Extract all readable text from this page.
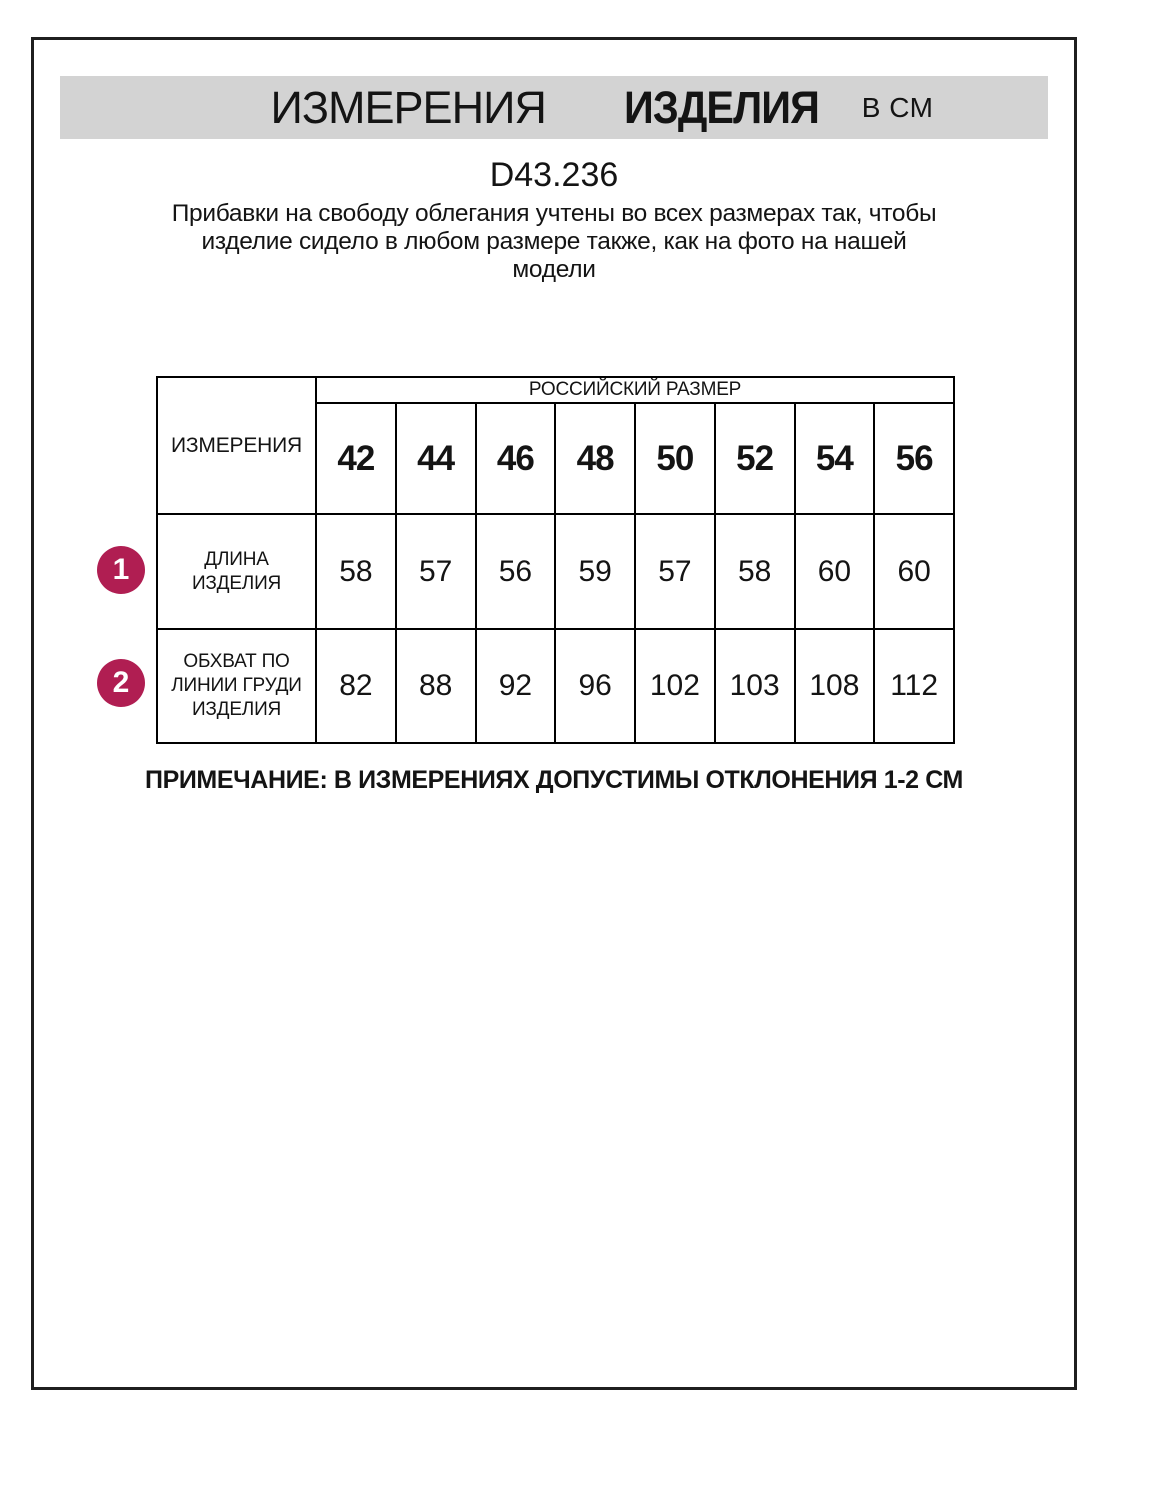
ИЗМЕРЕНИЯ ИЗДЕЛИЯ В СМ
D43.236
Прибавки на свободу облегания учтены во всех размерах так, чтобы
изделие сидело в любом размере также, как на фото на нашей
модели
ИЗМЕРЕНИЯ	РОССИЙСКИЙ РАЗМЕР							
	42	44	46	48	50	52	54	56
ДЛИНА
ИЗДЕЛИЯ	58	57	56	59	57	58	60	60
ОБХВАТ ПО
ЛИНИИ ГРУДИ
ИЗДЕЛИЯ	82	88	92	96	102	103	108	112
1
2
ПРИМЕЧАНИЕ: В ИЗМЕРЕНИЯХ ДОПУСТИМЫ ОТКЛОНЕНИЯ 1-2 СМ
